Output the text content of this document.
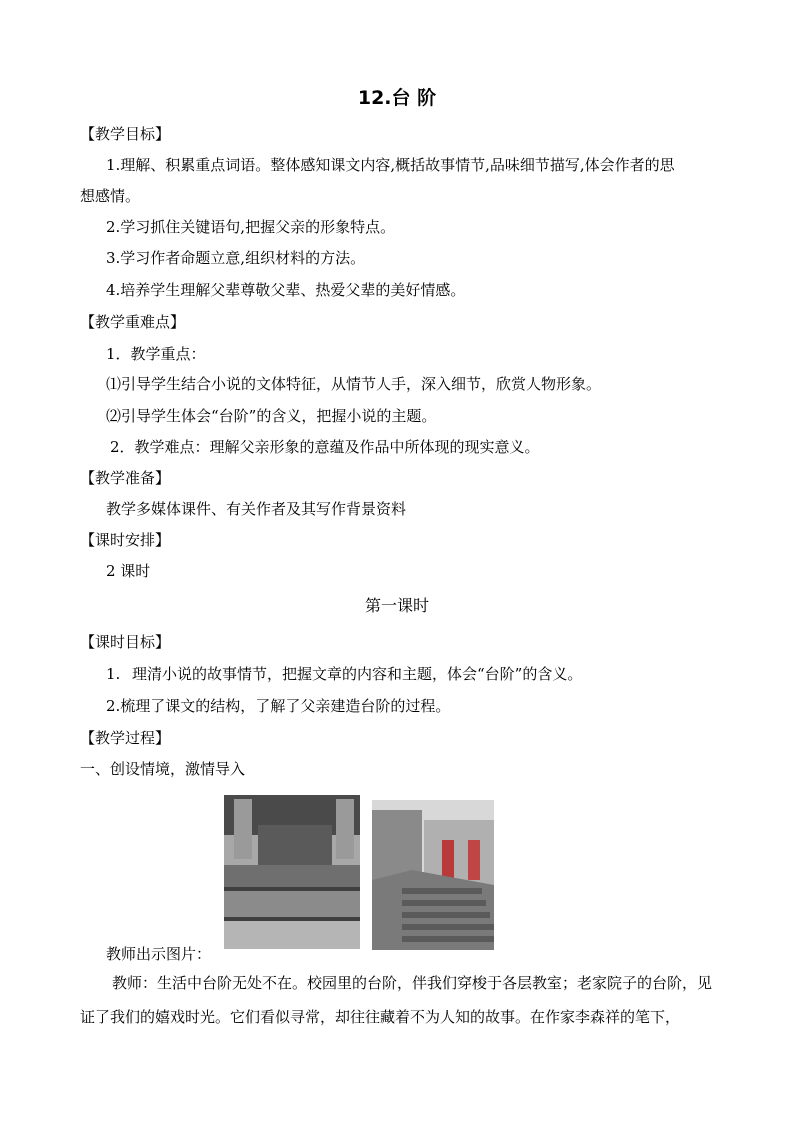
12.台 阶
【教学目标】
1.理解、积累重点词语。整体感知课文内容,概括故事情节,品味细节描写,体会作者的思
想感情。
2.学习抓住关键语句,把握父亲的形象特点。
3.学习作者命题立意,组织材料的方法。
4.培养学生理解父辈尊敬父辈、热爱父辈的美好情感。
【教学重难点】
1．教学重点：
⑴引导学生结合小说的文体特征，从情节人手，深入细节，欣赏人物形象。
⑵引导学生体会“台阶”的含义，把握小说的主题。
2．教学难点：理解父亲形象的意蕴及作品中所体现的现实意义。
【教学准备】
教学多媒体课件、有关作者及其写作背景资料
【课时安排】
2 课时
第一课时
【课时目标】
1. 理清小说的故事情节，把握文章的内容和主题，体会“台阶”的含义。
2.梳理了课文的结构，了解了父亲建造台阶的过程。
【教学过程】
一、创设情境，激情导入
教师出示图片：
教师：生活中台阶无处不在。校园里的台阶，伴我们穿梭于各层教室；老家院子的台阶，见证了我们的嬉戏时光。它们看似寻常，却往往藏着不为人知的故事。在作家李森祥的笔下，
